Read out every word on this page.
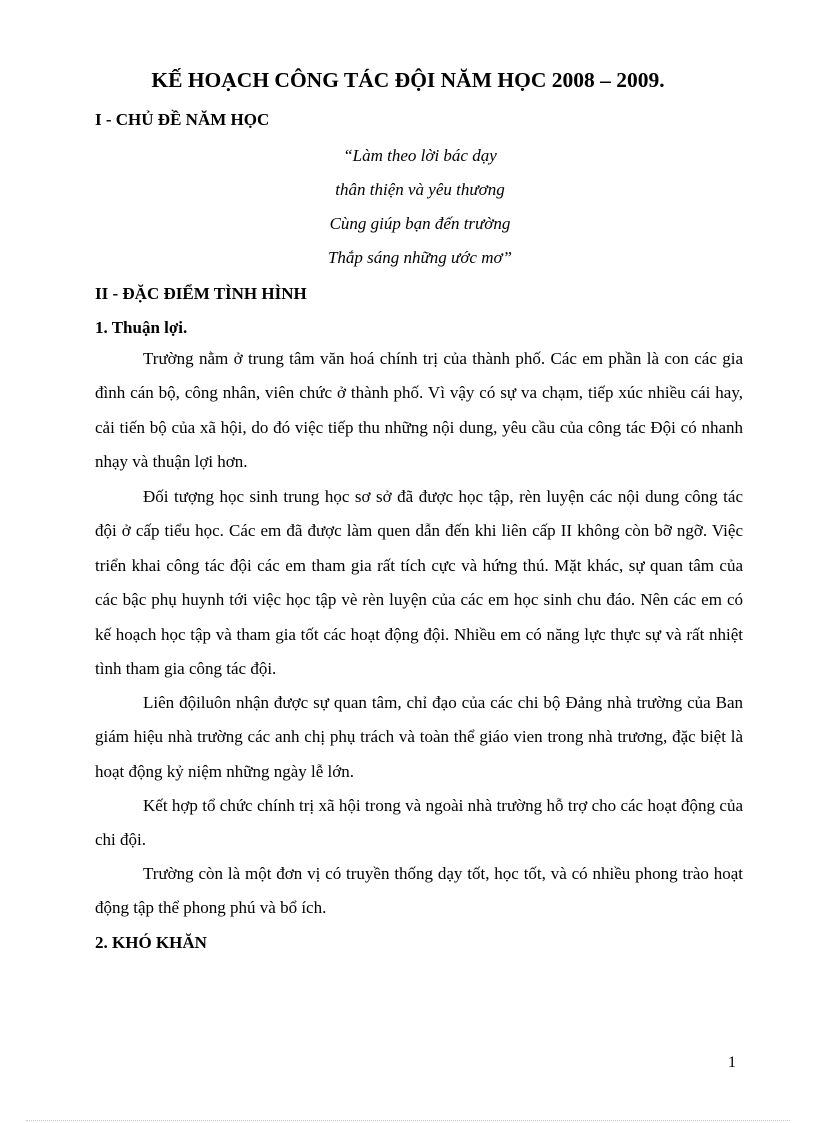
KẾ HOẠCH CÔNG TÁC ĐỘI NĂM HỌC 2008 – 2009.
I - CHỦ ĐỀ NĂM HỌC
“Làm theo lời bác dạy
thân thiện và yêu thương
Cùng giúp bạn đến trường
Thắp sáng những ước mơ”
II - ĐẶC ĐIỂM TÌNH HÌNH
1. Thuận lợi.

Trường nằm ở trung tâm văn hoá chính trị của thành phố. Các em phần là con các gia đình cán bộ, công nhân, viên chức ở thành phố. Vì vậy có sự va chạm, tiếp xúc nhiều cái hay, cải tiến bộ của xã hội, do đó việc tiếp thu những nội dung, yêu cầu của công tác Đội có nhanh nhạy và thuận lợi hơn.

Đối tượng học sinh trung học sơ sở đã được học tập, rèn luyện các nội dung công tác đội ở cấp tiểu học. Các em đã được làm quen dẫn đến khi liên cấp II không còn bỡ ngỡ. Việc triển khai công tác đội các em tham gia rất tích cực và hứng thú. Mặt khác, sự quan tâm của các bậc phụ huynh tới việc học tập vè rèn luyện của các em học sinh chu đáo. Nên các em có kế hoạch học tập và tham gia tốt các hoạt động đội. Nhiều em có năng lực thực sự và rất nhiệt tình tham gia công tác đội.

Liên độiluôn nhận được sự quan tâm, chỉ đạo của các chi bộ Đảng nhà trường của Ban giám hiệu nhà trường các anh chị phụ trách và toàn thể giáo vien trong nhà trương, đặc biệt là hoạt động kỷ niệm những ngày lễ lớn.

Kết hợp tổ chức chính trị xã hội trong và ngoài nhà trường hỗ trợ cho các hoạt động của chi đội.

Trường còn là một đơn vị có truyền thống dạy tốt, học tốt, và có nhiều phong trào hoạt động tập thể phong phú và bổ ích.

2. KHÓ KHĂN
1
